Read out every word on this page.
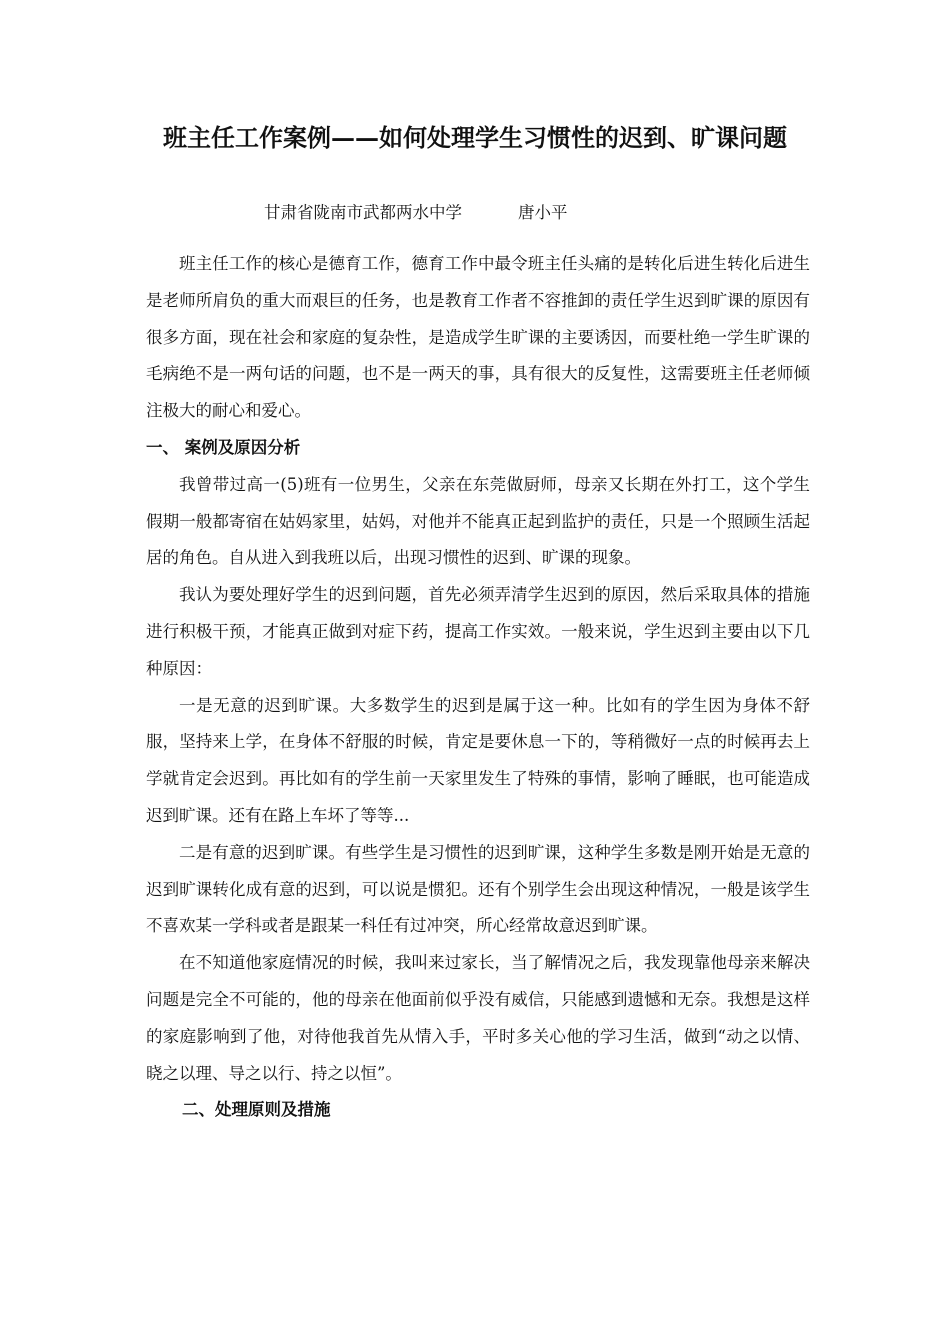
班主任工作案例——如何处理学生习惯性的迟到、旷课问题
甘肃省陇南市武都两水中学	唐小平

班主任工作的核心是德育工作，德育工作中最令班主任头痛的是转化后进生转化后进生是老师所肩负的重大而艰巨的任务，也是教育工作者不容推卸的责任学生迟到旷课的原因有很多方面，现在社会和家庭的复杂性，是造成学生旷课的主要诱因，而要杜绝一学生旷课的毛病绝不是一两句话的问题，也不是一两天的事，具有很大的反复性，这需要班主任老师倾注极大的耐心和爱心。

一、 案例及原因分析

我曾带过高一(5)班有一位男生，父亲在东莞做厨师，母亲又长期在外打工，这个学生假期一般都寄宿在姑妈家里，姑妈，对他并不能真正起到监护的责任，只是一个照顾生活起居的角色。自从进入到我班以后，出现习惯性的迟到、旷课的现象。

我认为要处理好学生的迟到问题，首先必须弄清学生迟到的原因，然后采取具体的措施进行积极干预，才能真正做到对症下药，提高工作实效。一般来说，学生迟到主要由以下几种原因：

一是无意的迟到旷课。大多数学生的迟到是属于这一种。比如有的学生因为身体不舒服，坚持来上学，在身体不舒服的时候，肯定是要休息一下的，等稍微好一点的时候再去上学就肯定会迟到。再比如有的学生前一天家里发生了特殊的事情，影响了睡眠，也可能造成迟到旷课。还有在路上车坏了等等...

二是有意的迟到旷课。有些学生是习惯性的迟到旷课，这种学生多数是刚开始是无意的迟到旷课转化成有意的迟到，可以说是惯犯。还有个别学生会出现这种情况，一般是该学生不喜欢某一学科或者是跟某一科任有过冲突，所心经常故意迟到旷课。

在不知道他家庭情况的时候，我叫来过家长，当了解情况之后，我发现靠他母亲来解决问题是完全不可能的，他的母亲在他面前似乎没有威信，只能感到遗憾和无奈。我想是这样的家庭影响到了他，对待他我首先从情入手，平时多关心他的学习生活，做到“动之以情、晓之以理、导之以行、持之以恒”。

二、处理原则及措施
